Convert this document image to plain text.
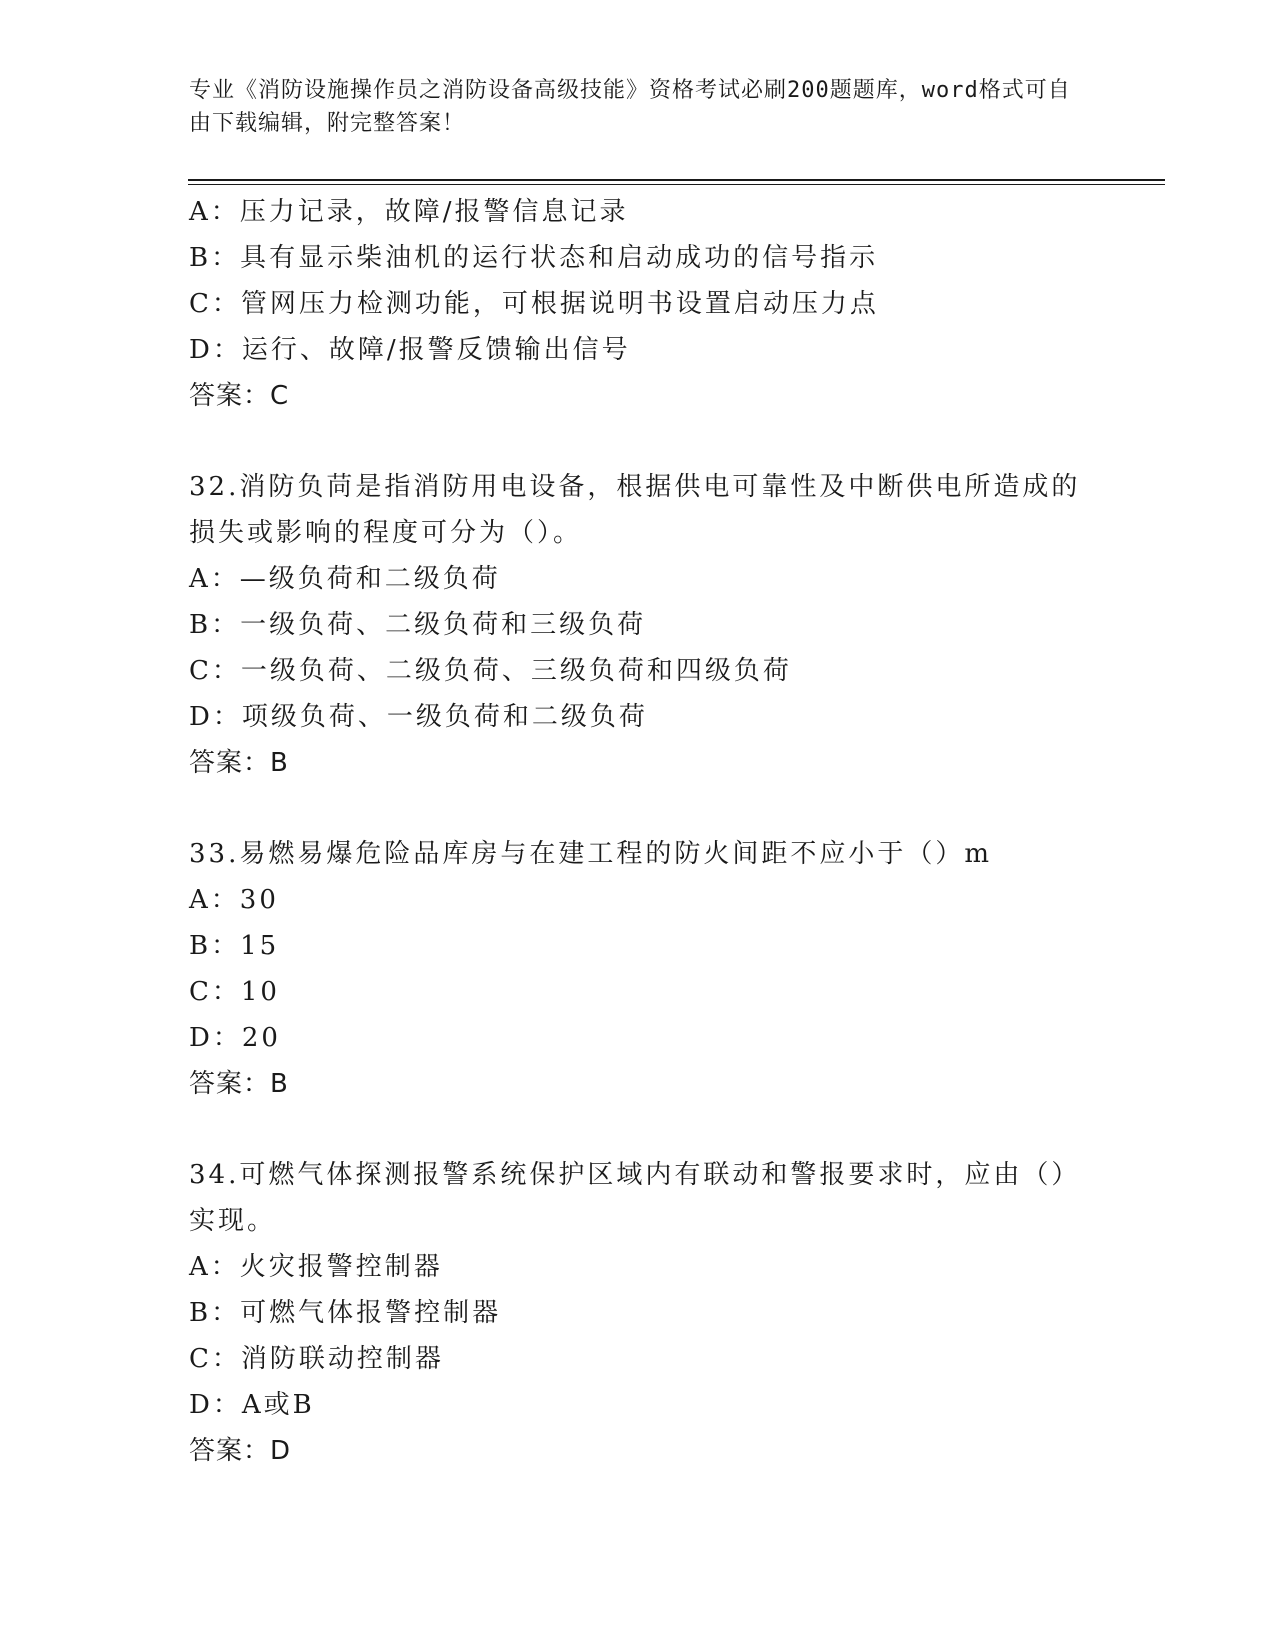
专业《消防设施操作员之消防设备高级技能》资格考试必刷200题题库，word格式可自由下载编辑，附完整答案！
A：压力记录，故障/报警信息记录
B：具有显示柴油机的运行状态和启动成功的信号指示
C：管网压力检测功能，可根据说明书设置启动压力点
D：运行、故障/报警反馈输出信号
答案：C
32.消防负苘是指消防用电设备，根据供电可靠性及中断供电所造成的损失或影响的程度可分为（）。
A：—级负荷和二级负荷
B：一级负荷、二级负荷和三级负荷
C：一级负荷、二级负荷、三级负荷和四级负荷
D：项级负荷、一级负荷和二级负荷
答案：B
33.易燃易爆危险品库房与在建工程的防火间距不应小于（）m
A：30
B：15
C：10
D：20
答案：B
34.可燃气体探测报警系统保护区域内有联动和警报要求时，应由（）实现。
A：火灾报警控制器
B：可燃气体报警控制器
C：消防联动控制器
D：A或B
答案：D
